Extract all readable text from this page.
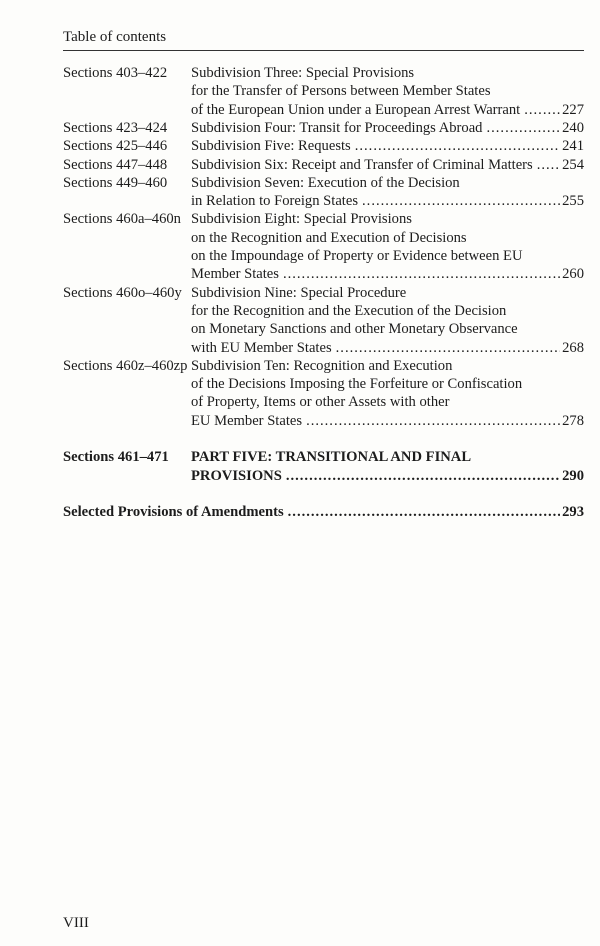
Table of contents
Sections 403–422 Subdivision Three: Special Provisions
for the Transfer of Persons between Member States
of the European Union under a European Arrest Warrant .....	227
Sections 423–424 Subdivision Four: Transit for Proceedings Abroad .....	240
Sections 425–446 Subdivision Five: Requests .....	241
Sections 447–448 Subdivision Six: Receipt and Transfer of Criminal Matters ..... 254
Sections 449–460 Subdivision Seven: Execution of the Decision
in Relation to Foreign States .....	255
Sections 460a–460n Subdivision Eight: Special Provisions
on the Recognition and Execution of Decisions
on the Impoundage of Property or Evidence between EU
Member States .....	260
Sections 460o–460y Subdivision Nine: Special Procedure
for the Recognition and the Execution of the Decision
on Monetary Sanctions and other Monetary Observance
with EU Member States .....	268
Sections 460z–460zp Subdivision Ten: Recognition and Execution
of the Decisions Imposing the Forfeiture or Confiscation
of Property, Items or other Assets with other
EU Member States .....	278
Sections 461–471 PART FIVE: TRANSITIONAL AND FINAL
PROVISIONS .....	290
Selected Provisions of Amendments .....	293
VIII
